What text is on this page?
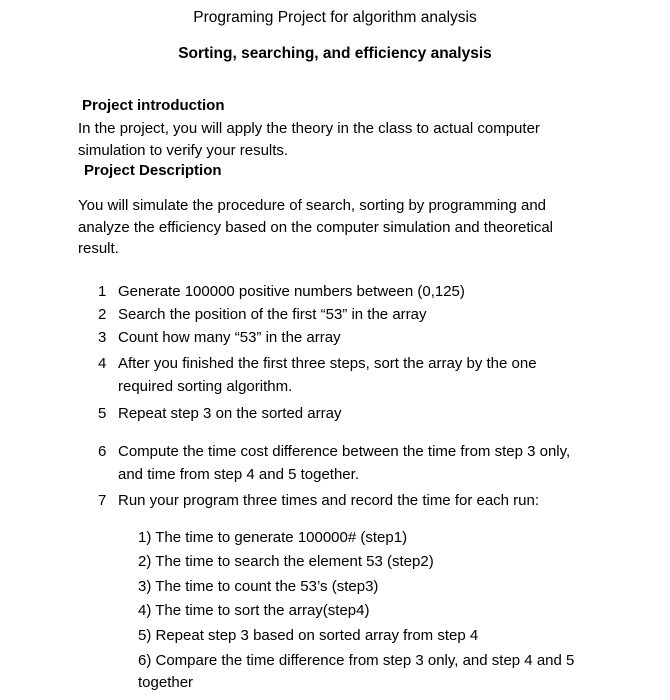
Programing Project for algorithm analysis
Sorting, searching, and efficiency analysis
Project introduction
In the project, you will apply the theory in the class to actual computer simulation to verify your results.
Project Description
You will simulate the procedure of search, sorting by programming and analyze the efficiency based on the computer simulation and theoretical result.
1 Generate 100000 positive numbers between (0,125)
2 Search the position of the first “53” in the array
3 Count how many “53” in the array
4 After you finished the first three steps, sort the array by the one required sorting algorithm.
5 Repeat step 3 on the sorted array
6 Compute the time cost difference between the time from step 3 only, and time from step 4 and 5 together.
7 Run your program three times and record the time for each run:
1) The time to generate 100000# (step1)
2) The time to search the element 53 (step2)
3) The time to count the 53’s (step3)
4) The time to sort the array(step4)
5) Repeat step 3 based on sorted array from step 4
6) Compare the time difference from step 3 only, and step 4 and 5 together
